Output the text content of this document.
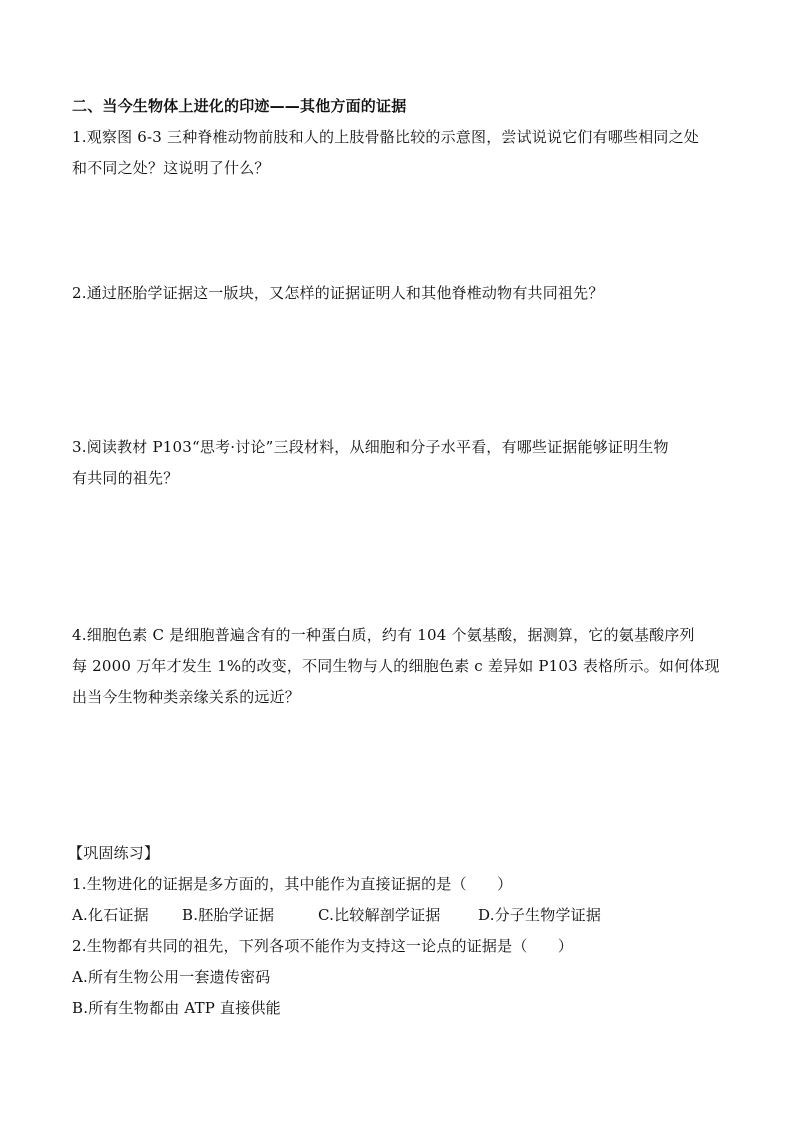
二、当今生物体上进化的印迹——其他方面的证据

1.观察图 6-3 三种脊椎动物前肢和人的上肢骨骼比较的示意图，尝试说说它们有哪些相同之处

和不同之处？这说明了什么？

2.通过胚胎学证据这一版块，又怎样的证据证明人和其他脊椎动物有共同祖先？

3.阅读教材 P103“思考·讨论”三段材料，从细胞和分子水平看，有哪些证据能够证明生物

有共同的祖先？

4.细胞色素 C 是细胞普遍含有的一种蛋白质，约有 104 个氨基酸，据测算，它的氨基酸序列

每 2000 万年才发生 1%的改变，不同生物与人的细胞色素 c 差异如 P103 表格所示。如何体现

出当今生物种类亲缘关系的远近？

【巩固练习】

1.生物进化的证据是多方面的，其中能作为直接证据的是（　　）

A.化石证据 B.胚胎学证据	C.比较解剖学证据 D.分子生物学证据

2.生物都有共同的祖先，下列各项不能作为支持这一论点的证据是（　　）

A.所有生物公用一套遗传密码

B.所有生物都由 ATP 直接供能
